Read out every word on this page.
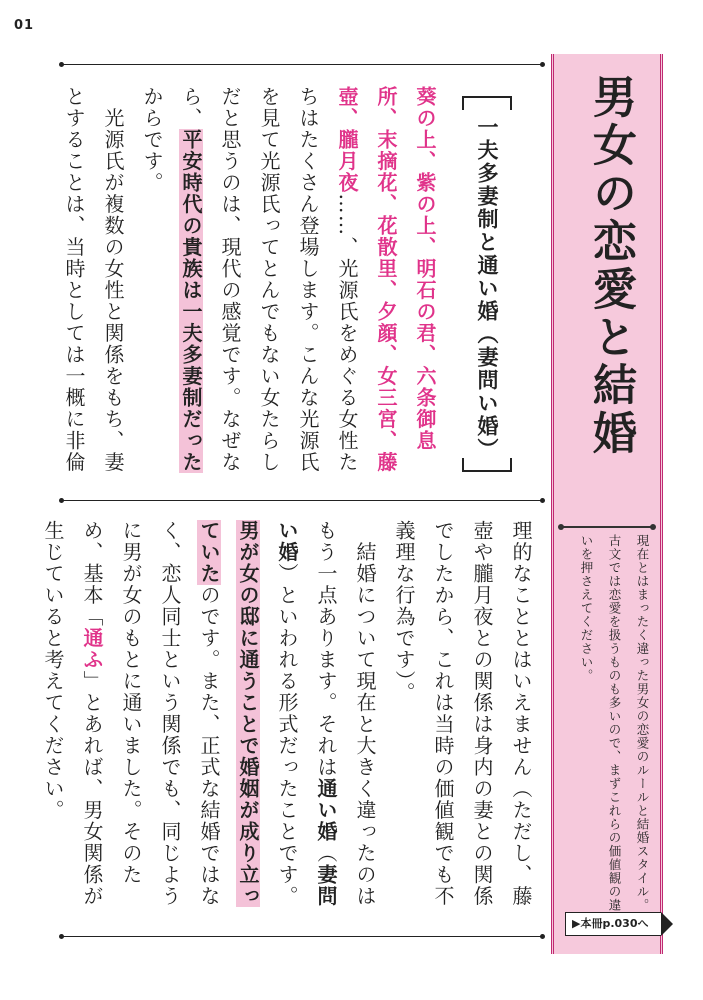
01
一夫多妻制と通い婚（妻問い婚）
葵の上、紫の上、明石の君、六条御息所、末摘花、花散里、夕顔、女三宮、藤壺、朧月夜……、光源氏をめぐる女性たちはたくさん登場します。こんな光源氏を見て光源氏ってとんでもない女たらしだと思うのは、現代の感覚です。なぜなら、平安時代の貴族は一夫多妻制だったからです。
　光源氏が複数の女性と関係をもち、妻とすることは、当時としては一概に非倫
理的なこととはいえません（ただし、藤壺や朧月夜との関係は身内の妻との関係でしたから、これは当時の価値観でも不義理な行為です）。
　結婚について現在と大きく違ったのはもう一点あります。それは通い婚（妻問い婚）といわれる形式だったことです。男が女の邸に通うことで婚姻が成り立っていたのです。また、正式な結婚ではなく、恋人同士という関係でも、同じように男が女のもとに通いました。そのため、基本「通ふ」とあれば、男女関係が生じていると考えてください。
男女の恋愛と結婚
現在とはまったく違った男女の恋愛のルールと結婚スタイル。古文では恋愛を扱うものも多いので、まずこれらの価値観の違いを押さえてください。
▶本冊p.030へ
